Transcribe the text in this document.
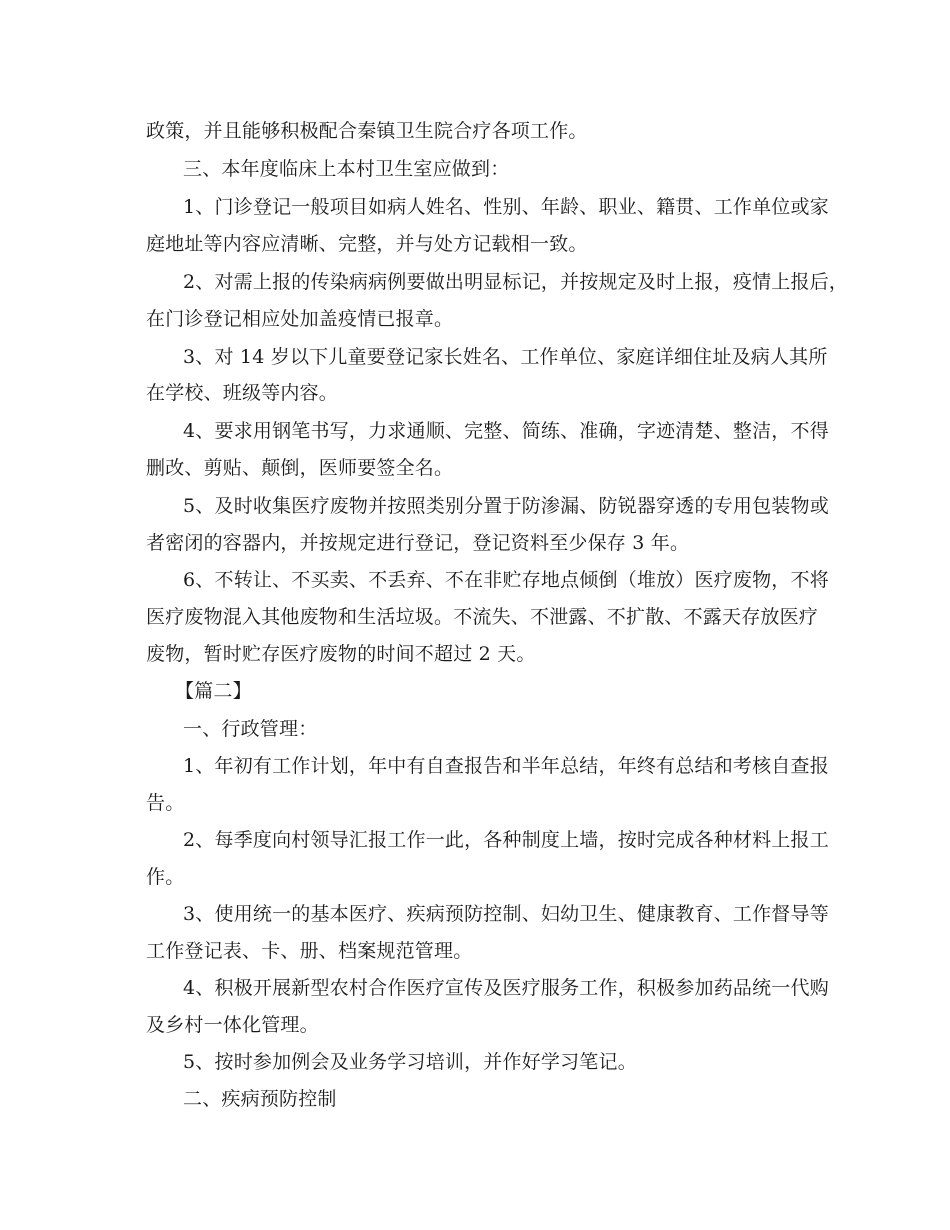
政策，并且能够积极配合秦镇卫生院合疗各项工作。
三、本年度临床上本村卫生室应做到：
1、门诊登记一般项目如病人姓名、性别、年龄、职业、籍贯、工作单位或家
庭地址等内容应清晰、完整，并与处方记载相一致。
2、对需上报的传染病病例要做出明显标记，并按规定及时上报，疫情上报后，
在门诊登记相应处加盖疫情已报章。
3、对 14 岁以下儿童要登记家长姓名、工作单位、家庭详细住址及病人其所
在学校、班级等内容。
4、要求用钢笔书写，力求通顺、完整、简练、准确，字迹清楚、整洁，不得
删改、剪贴、颠倒，医师要签全名。
5、及时收集医疗废物并按照类别分置于防渗漏、防锐器穿透的专用包装物或
者密闭的容器内，并按规定进行登记，登记资料至少保存 3 年。
6、不转让、不买卖、不丢弃、不在非贮存地点倾倒（堆放）医疗废物，不将
医疗废物混入其他废物和生活垃圾。不流失、不泄露、不扩散、不露天存放医疗
废物，暂时贮存医疗废物的时间不超过 2 天。
【篇二】
一、行政管理：
1、年初有工作计划，年中有自查报告和半年总结，年终有总结和考核自查报
告。
2、每季度向村领导汇报工作一此，各种制度上墙，按时完成各种材料上报工
作。
3、使用统一的基本医疗、疾病预防控制、妇幼卫生、健康教育、工作督导等
工作登记表、卡、册、档案规范管理。
4、积极开展新型农村合作医疗宣传及医疗服务工作，积极参加药品统一代购
及乡村一体化管理。
5、按时参加例会及业务学习培训，并作好学习笔记。
二、疾病预防控制
